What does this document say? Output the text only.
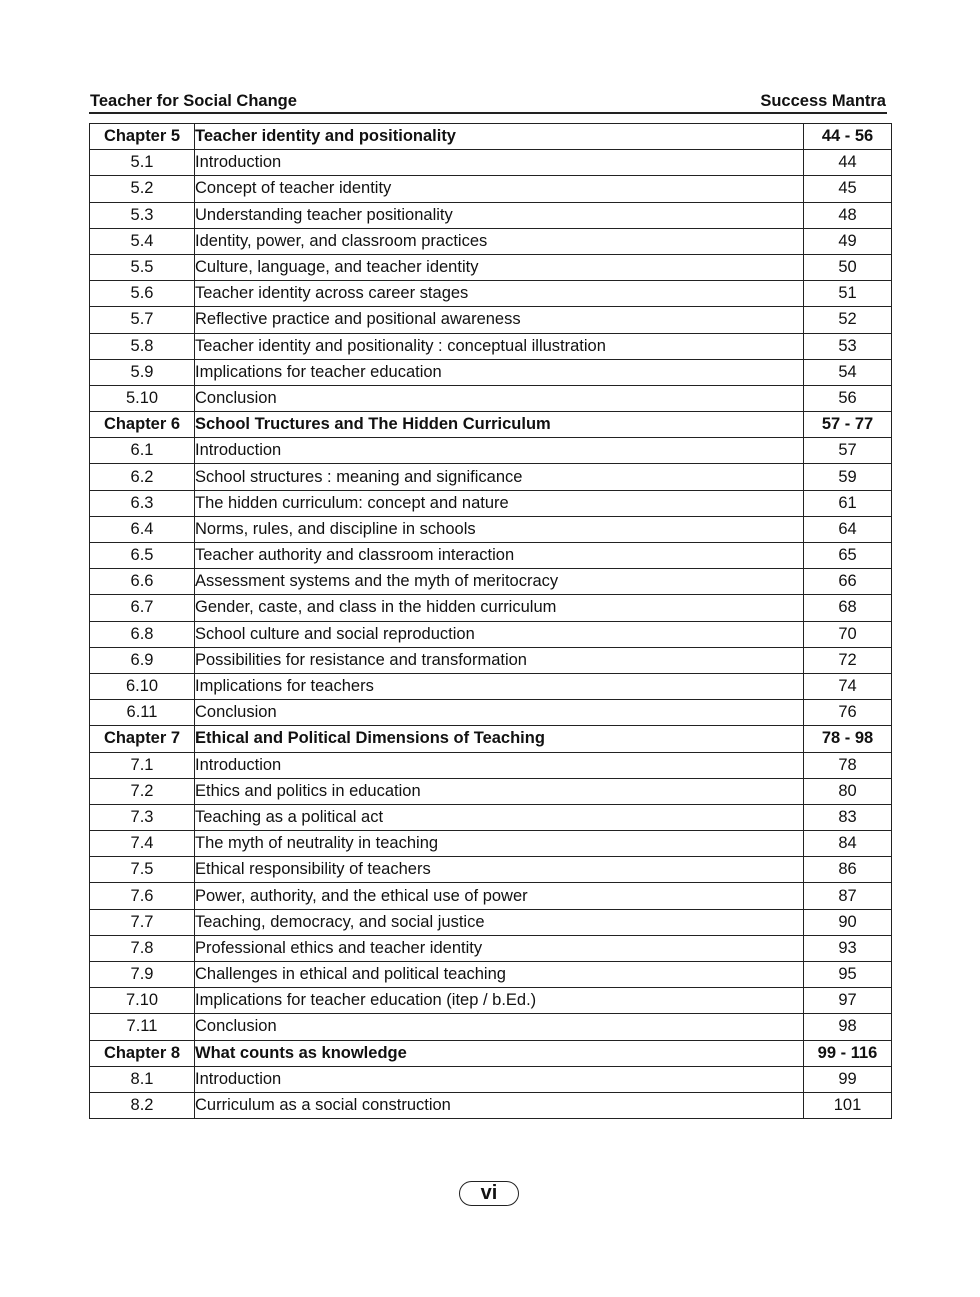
Teacher for Social Change	Success Mantra
Chapter 5	Teacher identity and positionality	44 - 56
5.1	Introduction	44
5.2	Concept of teacher identity	45
5.3	Understanding teacher positionality	48
5.4	Identity, power, and classroom practices	49
5.5	Culture, language, and teacher identity	50
5.6	Teacher identity across career stages	51
5.7	Reflective practice and positional awareness	52
5.8	Teacher identity and positionality : conceptual illustration	53
5.9	Implications for teacher education	54
5.10	Conclusion	56
Chapter 6	School Tructures and The Hidden Curriculum	57 - 77
6.1	Introduction	57
6.2	School structures : meaning and significance	59
6.3	The hidden curriculum: concept and nature	61
6.4	Norms, rules, and discipline in schools	64
6.5	Teacher authority and classroom interaction	65
6.6	Assessment systems and the myth of meritocracy	66
6.7	Gender, caste, and class in the hidden curriculum	68
6.8	School culture and social reproduction	70
6.9	Possibilities for resistance and transformation	72
6.10	Implications for teachers	74
6.11	Conclusion	76
Chapter 7	Ethical and Political Dimensions of Teaching	78 - 98
7.1	Introduction	78
7.2	Ethics and politics in education	80
7.3	Teaching as a political act	83
7.4	The myth of neutrality in teaching	84
7.5	Ethical responsibility of teachers	86
7.6	Power, authority, and the ethical use of power	87
7.7	Teaching, democracy, and social justice	90
7.8	Professional ethics and teacher identity	93
7.9	Challenges in ethical and political teaching	95
7.10	Implications for teacher education (itep / b.Ed.)	97
7.11	Conclusion	98
Chapter 8	What counts as knowledge	99 - 116
8.1	Introduction	99
8.2	Curriculum as a social construction	101
vi
